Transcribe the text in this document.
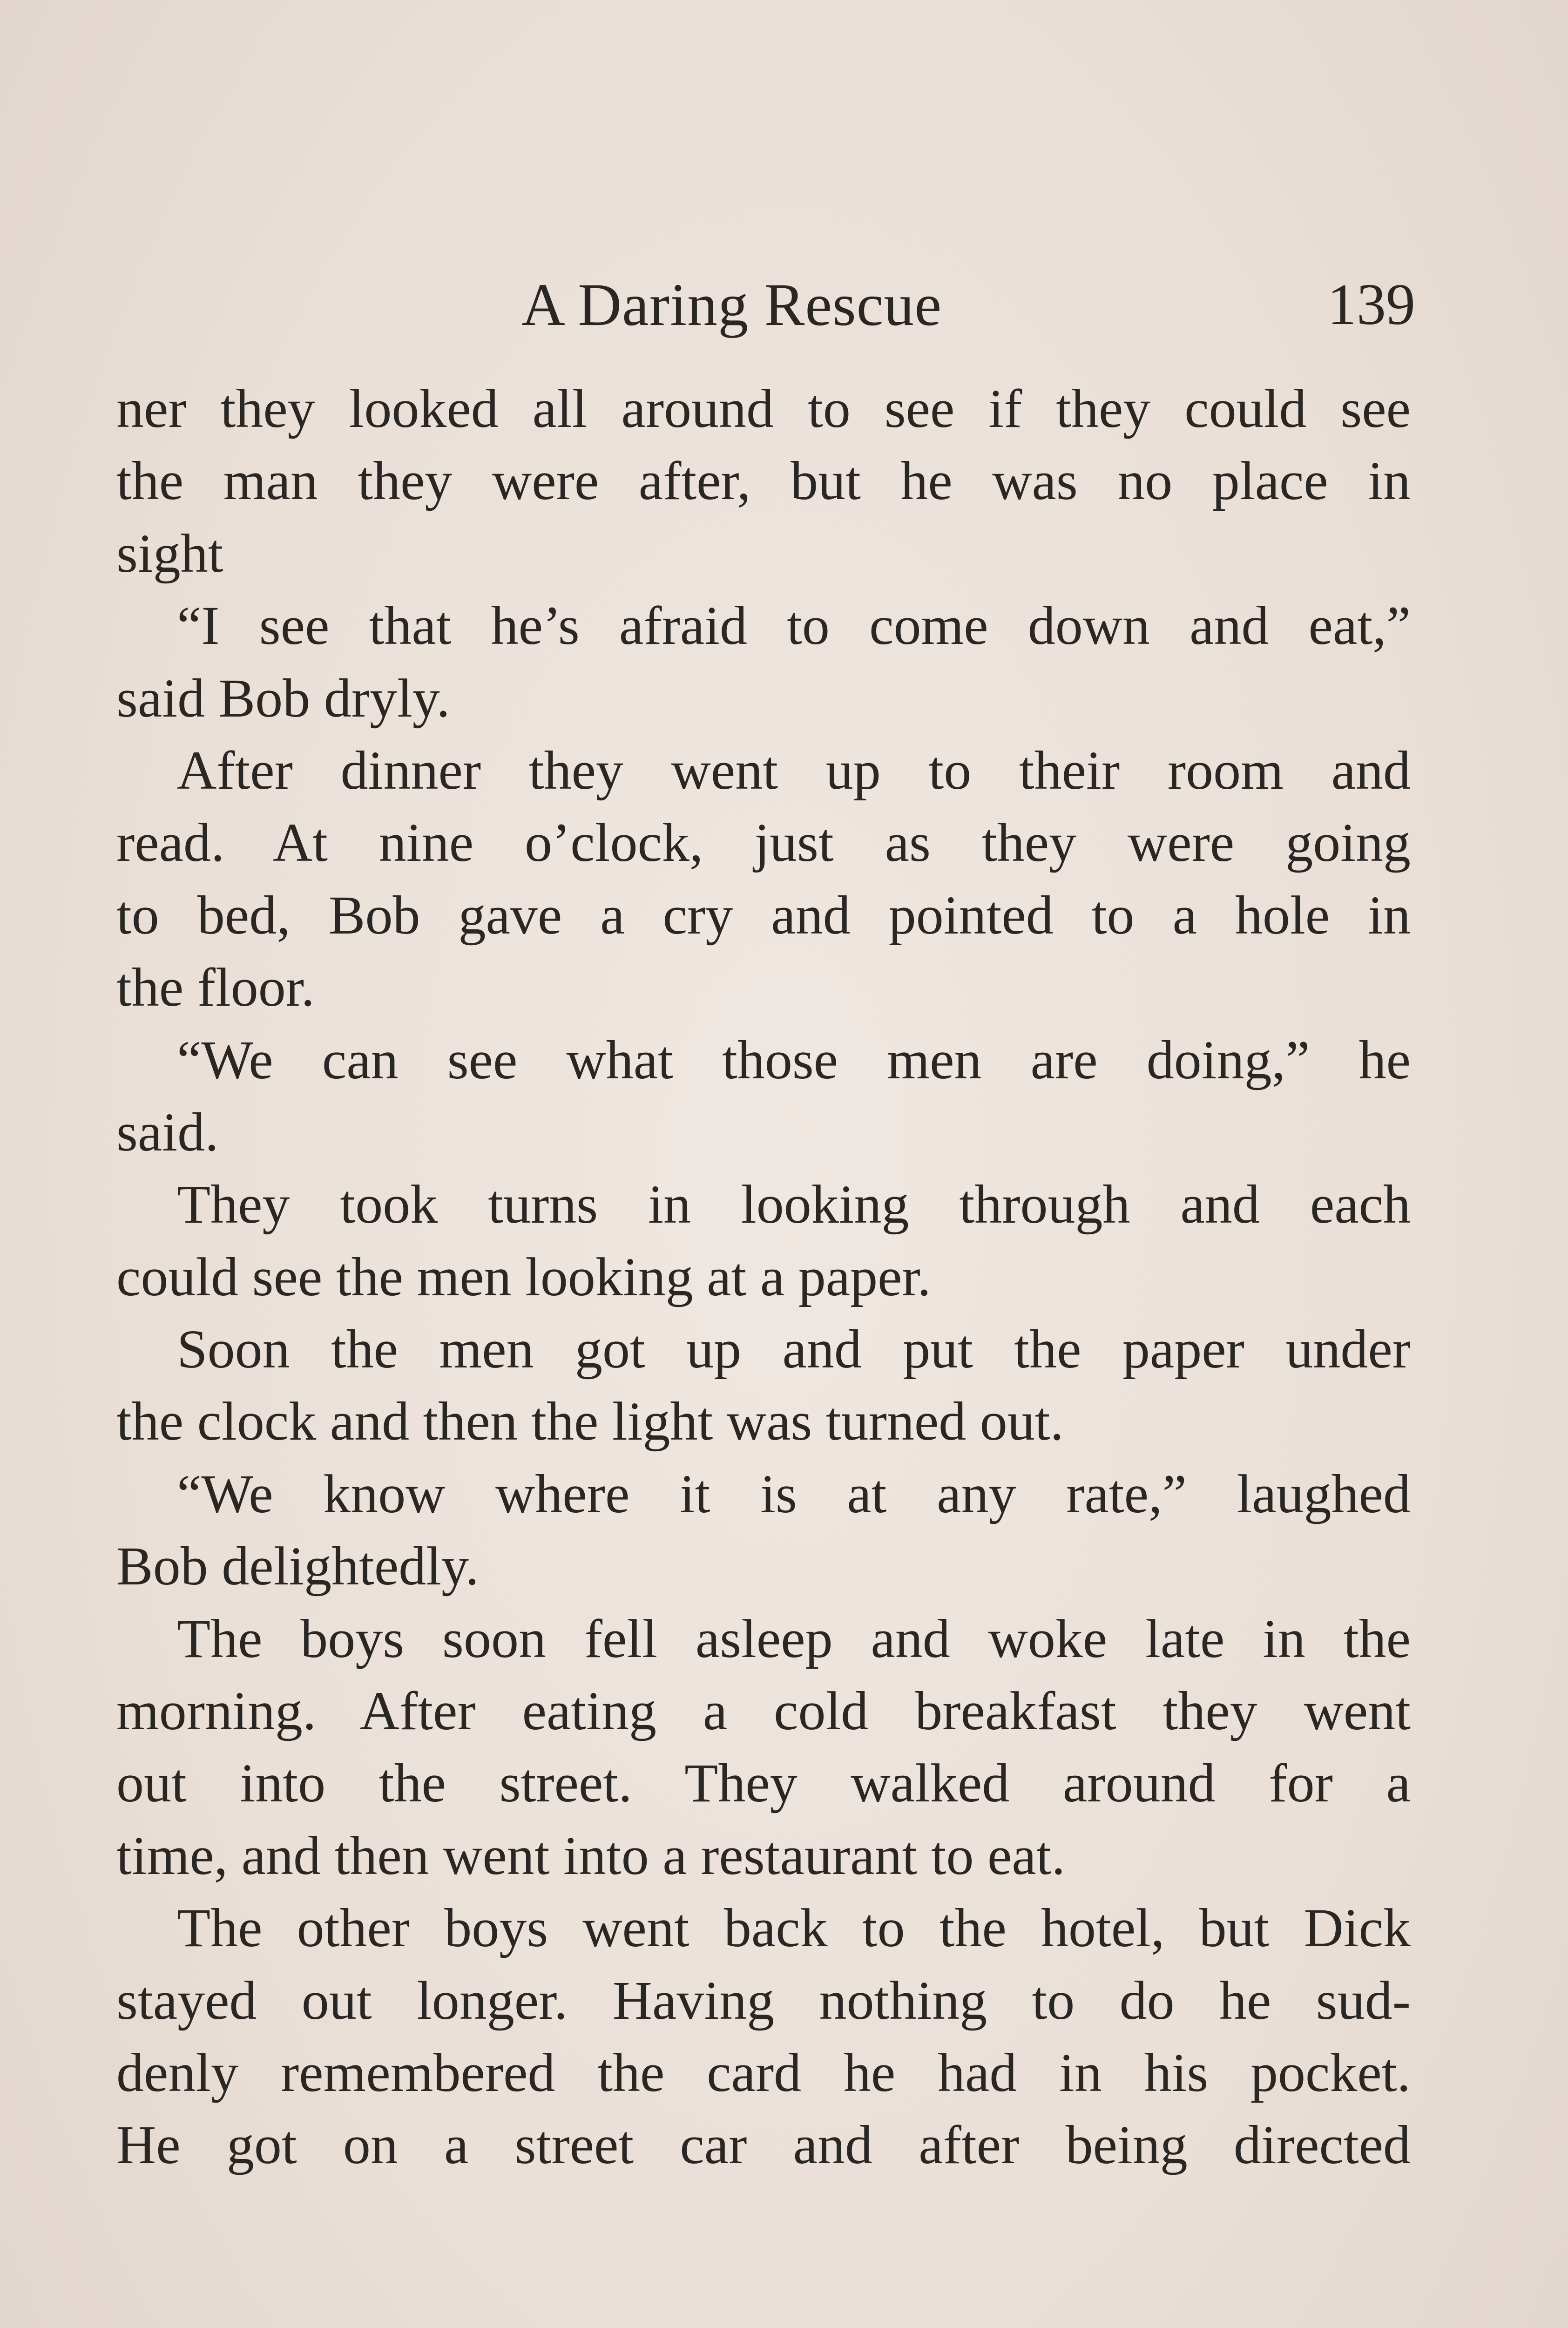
A Daring Rescue	139
ner they looked all around to see if they could see
the man they were after, but he was no place in
sight
“I see that he’s afraid to come down and eat,”
said Bob dryly.
After dinner they went up to their room and
read. At nine o’clock, just as they were going
to bed, Bob gave a cry and pointed to a hole in
the floor.
“We can see what those men are doing,” he
said.
They took turns in looking through and each
could see the men looking at a paper.
Soon the men got up and put the paper under
the clock and then the light was turned out.
“We know where it is at any rate,” laughed
Bob delightedly.
The boys soon fell asleep and woke late in the
morning. After eating a cold breakfast they went
out into the street. They walked around for a
time, and then went into a restaurant to eat.
The other boys went back to the hotel, but Dick
stayed out longer. Having nothing to do he sud-
denly remembered the card he had in his pocket.
He got on a street car and after being directed
